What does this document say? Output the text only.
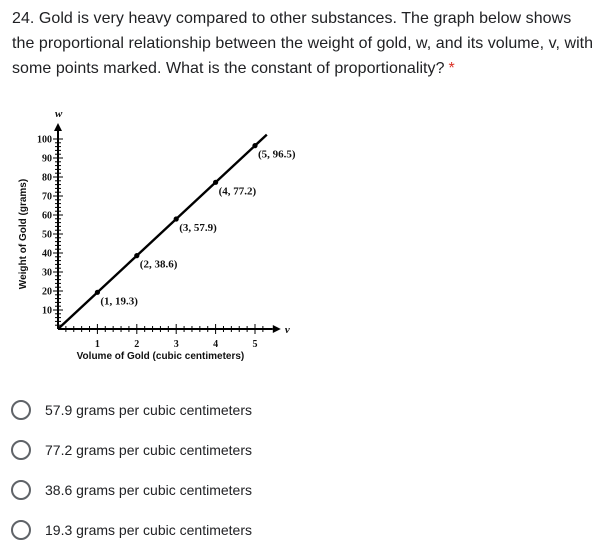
24. Gold is very heavy compared to other substances. The graph below shows the proportional relationship between the weight of gold, w, and its volume, v, with some points marked. What is the constant of proportionality? *
10
20
30
40
50
60
70
80
90
100
1	2	3	4	5
(1, 19.3)
(2, 38.6)
(3, 57.9)
(4, 77.2)
(5, 96.5)
v
w
Volume of Gold (cubic centimeters)
Weight of Gold (grams)
57.9 grams per cubic centimeters
77.2 grams per cubic centimeters
38.6 grams per cubic centimeters
19.3 grams per cubic centimeters
